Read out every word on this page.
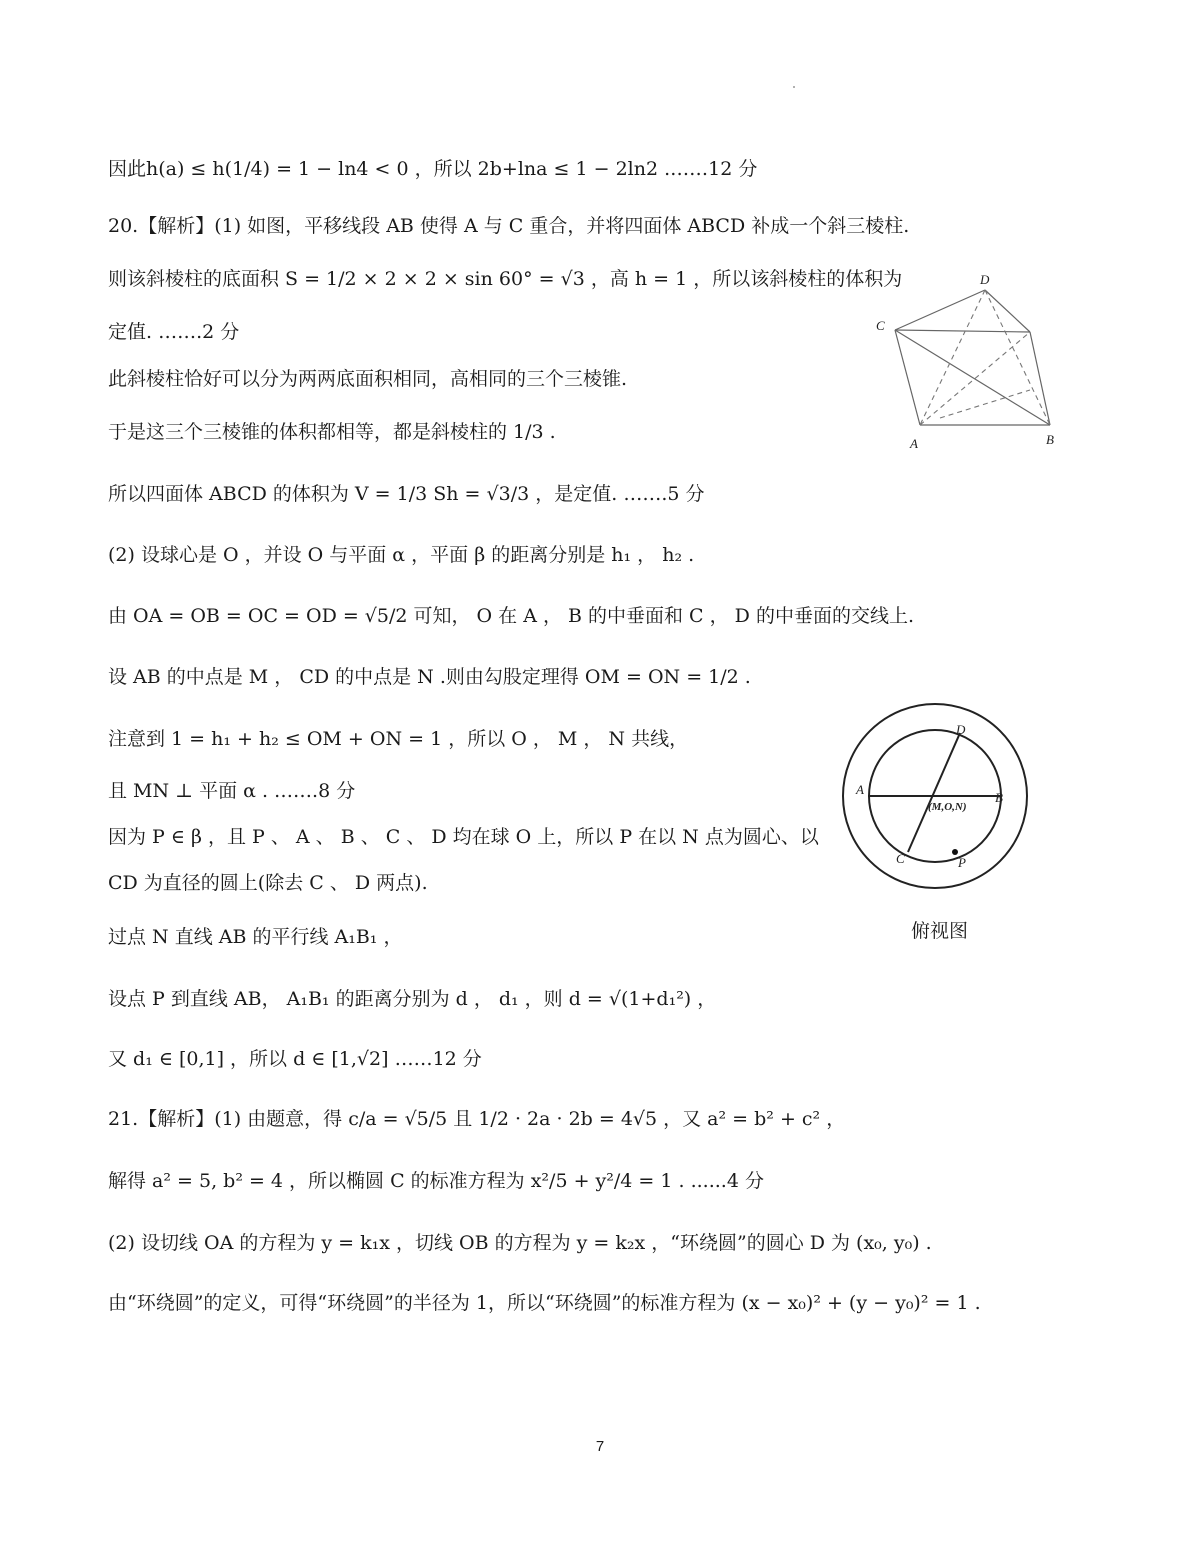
因此h(a) ≤ h(1/4) = 1 − ln4 < 0 ，所以 2b+lna ≤ 1 − 2ln2 .……12 分
20.【解析】(1) 如图，平移线段 AB 使得 A 与 C 重合，并将四面体 ABCD 补成一个斜三棱柱.
则该斜棱柱的底面积 S = 1/2 × 2 × 2 × sin 60° = √3 ，高 h = 1 ，所以该斜棱柱的体积为
定值. …….2 分
此斜棱柱恰好可以分为两两底面积相同，高相同的三个三棱锥.
于是这三个三棱锥的体积都相等，都是斜棱柱的 1/3 .
所以四面体 ABCD 的体积为 V = 1/3 Sh = √3/3 ，是定值. …….5 分
(2) 设球心是 O ，并设 O 与平面 α ，平面 β 的距离分别是 h₁ ， h₂ .
由 OA = OB = OC = OD = √5/2 可知， O 在 A ， B 的中垂面和 C ， D 的中垂面的交线上.
设 AB 的中点是 M ， CD 的中点是 N .则由勾股定理得 OM = ON = 1/2 .
注意到 1 = h₁ + h₂ ≤ OM + ON = 1 ，所以 O ， M ， N 共线，
且 MN ⊥ 平面 α . …….8 分
因为 P ∈ β ，且 P 、 A 、 B 、 C 、 D 均在球 O 上，所以 P 在以 N 点为圆心、以
CD 为直径的圆上(除去 C 、 D 两点).
过点 N 直线 AB 的平行线 A₁B₁ ，
设点 P 到直线 AB， A₁B₁ 的距离分别为 d ， d₁ ，则 d = √(1+d₁²) ，
又 d₁ ∈ [0,1] ，所以 d ∈ [1,√2] ……12 分
21.【解析】(1) 由题意，得 c/a = √5/5 且 1/2 · 2a · 2b = 4√5 ，又 a² = b² + c² ，
解得 a² = 5, b² = 4 ，所以椭圆 C 的标准方程为 x²/5 + y²/4 = 1 . ......4 分
(2) 设切线 OA 的方程为 y = k₁x ，切线 OB 的方程为 y = k₂x ，“环绕圆”的圆心 D 为 (x₀, y₀) .
由“环绕圆”的定义，可得“环绕圆”的半径为 1，所以“环绕圆”的标准方程为 (x − x₀)² + (y − y₀)² = 1 .
D
C
A	B
D
A
(M,O,N)
B
C	P
俯视图
7
